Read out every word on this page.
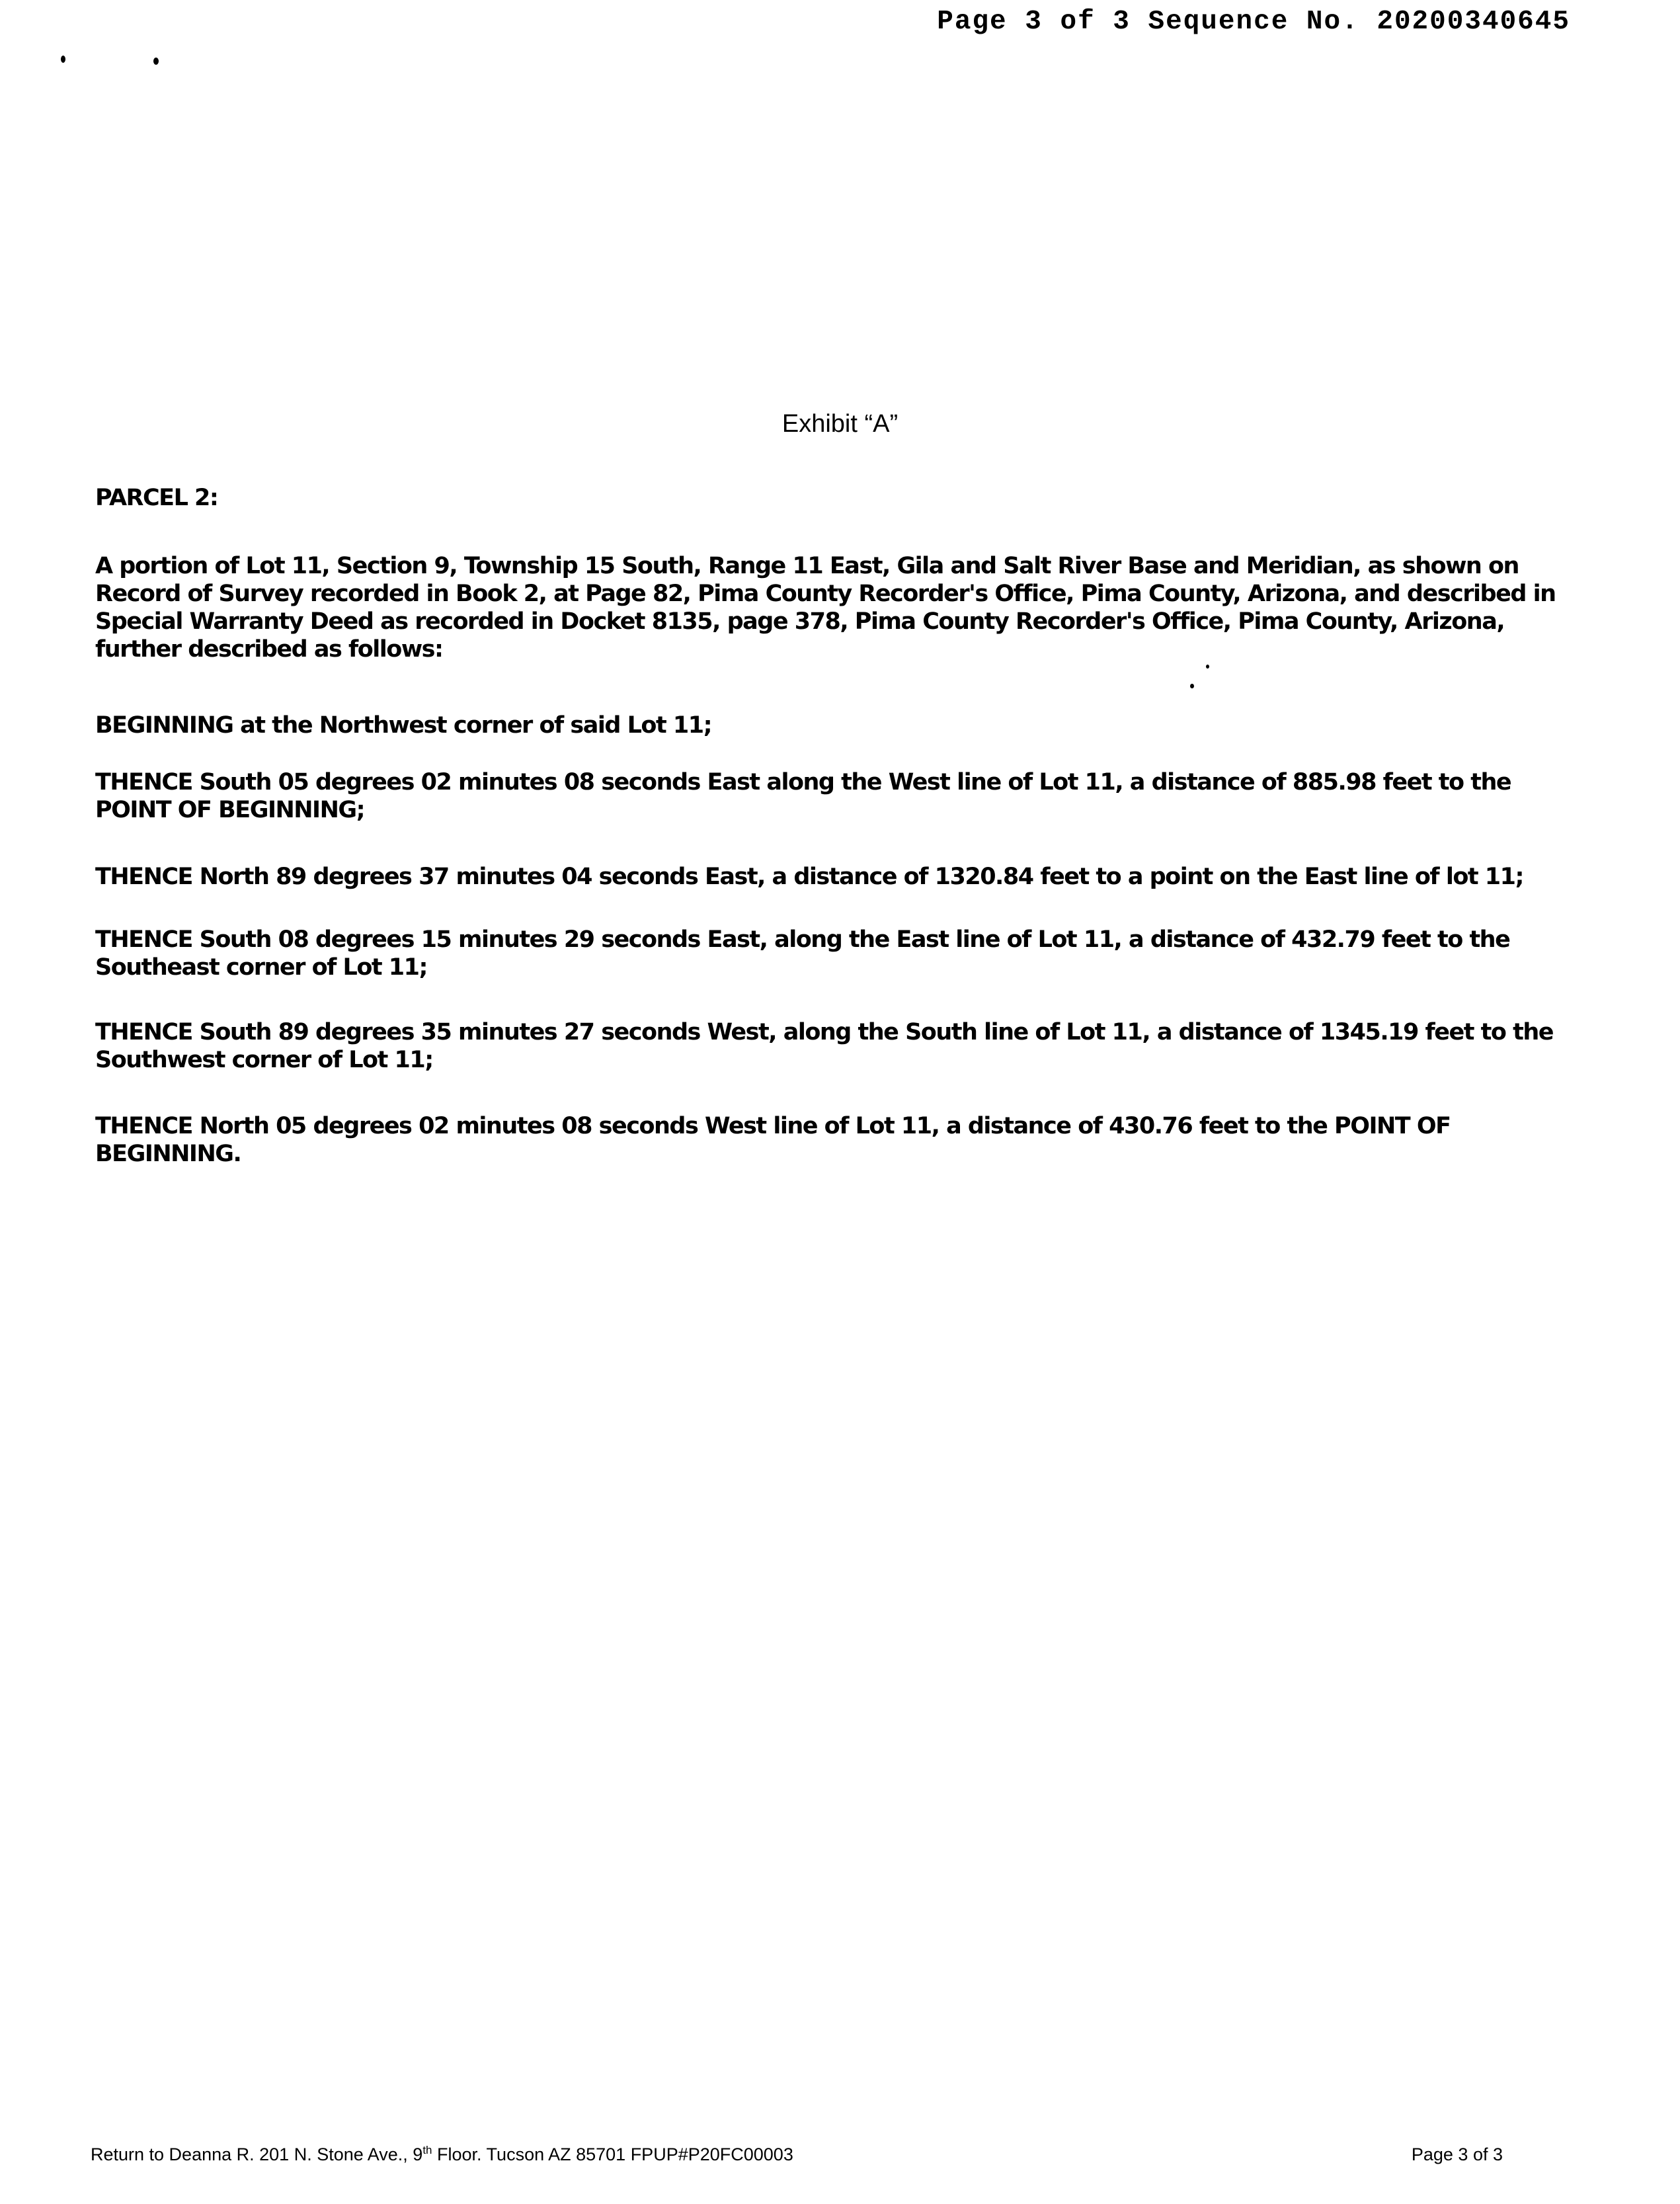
Page 3 of 3 Sequence No. 20200340645
Exhibit “A”
PARCEL 2:
A portion of Lot 11, Section 9, Township 15 South, Range 11 East, Gila and Salt River Base and Meridian, as shown on Record of Survey recorded in Book 2, at Page 82, Pima County Recorder's Office, Pima County, Arizona, and described in Special Warranty Deed as recorded in Docket 8135, page 378, Pima County Recorder's Office, Pima County, Arizona, further described as follows:
BEGINNING at the Northwest corner of said Lot 11;
THENCE South 05 degrees 02 minutes 08 seconds East along the West line of Lot 11, a distance of 885.98 feet to the POINT OF BEGINNING;
THENCE North 89 degrees 37 minutes 04 seconds East, a distance of 1320.84 feet to a point on the East line of lot 11;
THENCE South 08 degrees 15 minutes 29 seconds East, along the East line of Lot 11, a distance of 432.79 feet to the Southeast corner of Lot 11;
THENCE South 89 degrees 35 minutes 27 seconds West, along the South line of Lot 11, a distance of 1345.19 feet to the Southwest corner of Lot 11;
THENCE North 05 degrees 02 minutes 08 seconds West line of Lot 11, a distance of 430.76 feet to the POINT OF BEGINNING.
Return to Deanna R. 201 N. Stone Ave., 9th Floor. Tucson AZ 85701 FPUP#P20FC00003	Page 3 of 3
